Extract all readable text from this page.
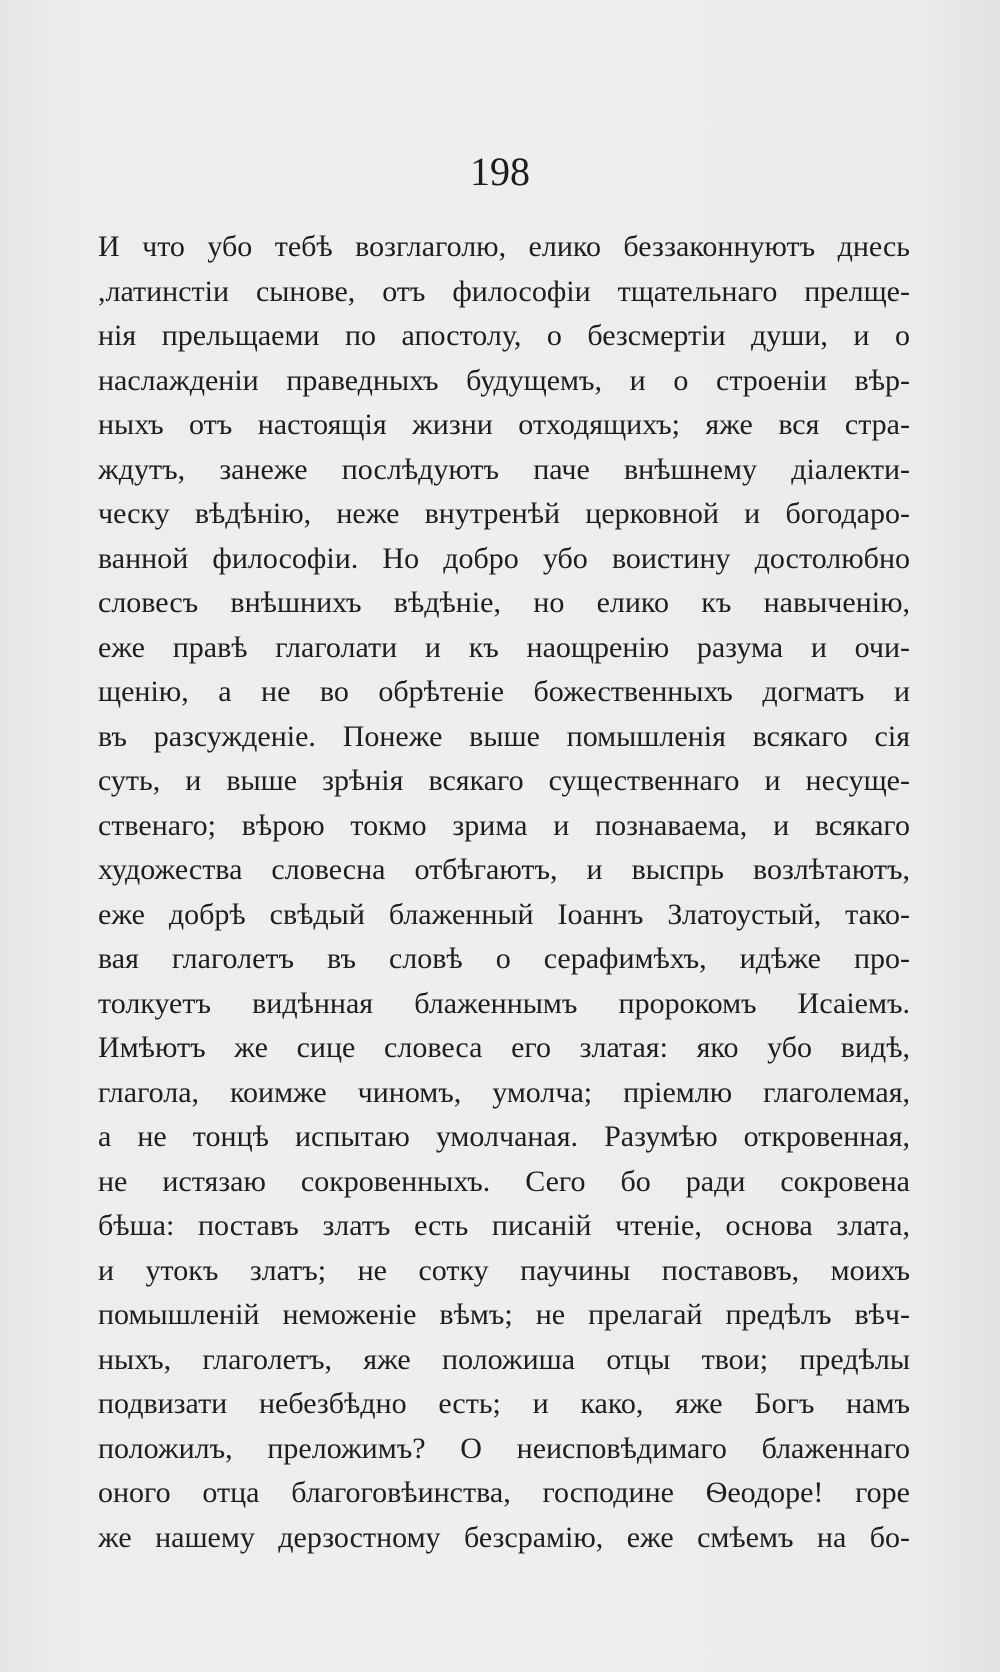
198
И что убо тебѣ возглаголю, елико беззаконнуютъ днесь
,латинстіи сынове, отъ философіи тщательнаго прелще-
нія прельщаеми по апостолу, о безсмертіи души, и о
наслажденіи праведныхъ будущемъ, и о строеніи вѣр-
ныхъ отъ настоящія жизни отходящихъ; яже вся стра-
ждутъ, занеже послѣдуютъ паче внѣшнему діалекти-
ческу вѣдѣнію, неже внутренѣй церковной и богодаро-
ванной философіи. Но добро убо воистину достолюбно
словесъ внѣшнихъ вѣдѣніе, но елико къ навыченію,
еже правѣ глаголати и къ наощренію разума и очи-
щенію, а не во обрѣтеніе божественныхъ догматъ и
въ разсужденіе. Понеже выше помышленія всякаго сія
суть, и выше зрѣнія всякаго существеннаго и несуще-
ственаго; вѣрою токмо зрима и познаваема, и всякаго
художества словесна отбѣгаютъ, и выспрь возлѣтаютъ,
еже добрѣ свѣдый блаженный Іоаннъ Златоустый, тако-
вая глаголетъ въ словѣ о серафимѣхъ, идѣже про-
толкуетъ видѣнная блаженнымъ пророкомъ Исаіемъ.
Имѣютъ же сице словеса его златая: яко убо видѣ,
глагола, коимже чиномъ, умолча; пріемлю глаголемая,
а не тонцѣ испытаю умолчаная. Разумѣю откровенная,
не истязаю сокровенныхъ. Сего бо ради сокровена
бѣша: поставъ златъ есть писаній чтеніе, основа злата,
и утокъ златъ; не сотку паучины поставовъ, моихъ
помышленій неможеніе вѣмъ; не прелагай предѣлъ вѣч-
ныхъ, глаголетъ, яже положиша отцы твои; предѣлы
подвизати небезбѣдно есть; и како, яже Богъ намъ
положилъ, преложимъ? О неисповѣдимаго блаженнаго
оного отца благоговѣинства, господине Ѳеодоре! горе
же нашему дерзостному безсрамію, еже смѣемъ на бо-
